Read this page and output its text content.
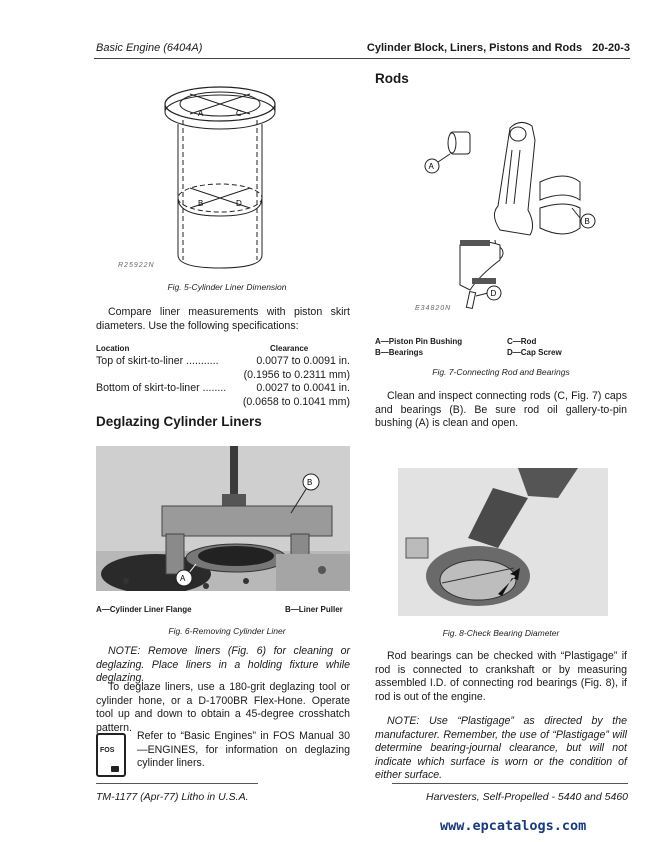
Basic Engine (6404A)	Cylinder Block, Liners, Pistons and Rods 20-20-3
A	C
B	D
R25922N
Fig. 5-Cylinder Liner Dimension
Compare liner measurements with piston skirt diameters. Use the following specifications:
Location	Clearance
Top of skirt-to-liner ...........	0.0077 to 0.0091 in.
(0.1956 to 0.2311 mm)
Bottom of skirt-to-liner ........	0.0027 to 0.0041 in.
(0.0658 to 0.1041 mm)
Deglazing Cylinder Liners
B
A
A—Cylinder Liner Flange	B—Liner Puller
Fig. 6-Removing Cylinder Liner
NOTE: Remove liners (Fig. 6) for cleaning or deglazing. Place liners in a holding fixture while deglazing.
To deglaze liners, use a 180-grit deglazing tool or cylinder hone, or a D-1700BR Flex-Hone. Operate tool up and down to obtain a 45-degree crosshatch pattern.
FOS
Refer to “Basic Engines” in FOS Manual 30—ENGINES, for information on deglazing cylinder liners.
Rods
A
B
D
E34820N
A—Piston Pin Bushing
B—Bearings
C—Rod
D—Cap Screw
Fig. 7-Connecting Rod and Bearings
Clean and inspect connecting rods (C, Fig. 7) caps and bearings (B). Be sure rod oil gallery-to-pin bushing (A) is clean and open.
Fig. 8-Check Bearing Diameter
Rod bearings can be checked with “Plastigage” if rod is connected to crankshaft or by measuring assembled I.D. of connecting rod bearings (Fig. 8), if rod is out of the engine.
NOTE: Use “Plastigage” as directed by the manufacturer. Remember, the use of “Plastigage” will determine bearing-journal clearance, but will not indicate which surface is worn or the condition of either surface.
TM-1177 (Apr-77) Litho in U.S.A.	Harvesters, Self-Propelled - 5440 and 5460
www.epcatalogs.com
